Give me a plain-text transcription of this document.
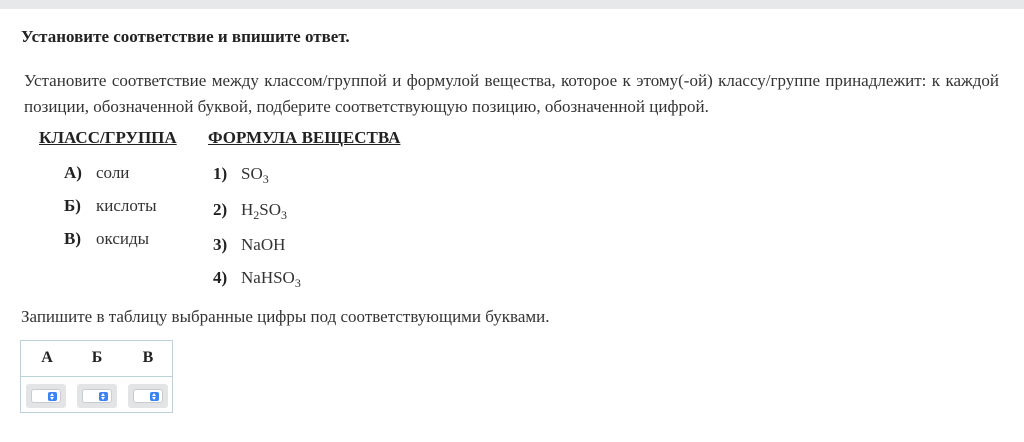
Установите соответствие и впишите ответ.
Установите соответствие между классом/группой и формулой вещества, которое к этому(-ой) классу/группе принадлежит: к каждой позиции, обозначенной буквой, подберите соответствующую позицию, обозначенной цифрой.
КЛАСС/ГРУППА ФОРМУЛА ВЕЩЕСТВА
А) соли
Б) кислоты
В) оксиды
1) $SO_3$
2) $H_2SO_3$
3) NaOH
4) NaHSO$_3$
Запишите в таблицу выбранные цифры под соответствующими буквами.
А	Б	В
